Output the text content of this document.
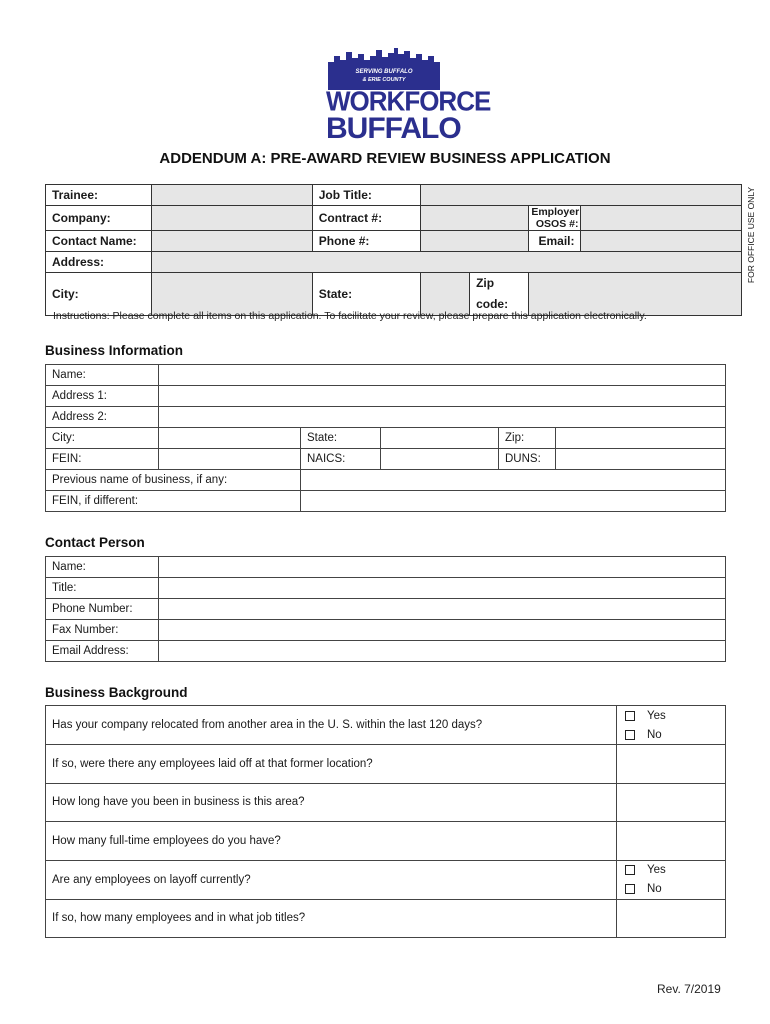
SERVING BUFFALO
& ERIE COUNTY
WORKFORCE
BUFFALO
ADDENDUM A: PRE-AWARD REVIEW BUSINESS APPLICATION
Trainee:		Job Title:			
Company:		Contract #:		Employer OSOS #:	
Contact Name:		Phone #:		Email:	
Address:					
City:		State:	Zip code:		

FOR OFFICE USE ONLY
Instructions: Please complete all items on this application. To facilitate your review, please prepare this application electronically.
Business Information
Name:					
Address 1:					
Address 2:					
City:		State:		Zip:	
FEIN:		NAICS:		DUNS:	
Previous name of business, if any:					
FEIN, if different:					
Contact Person
Name:	
Title:	
Phone Number:	
Fax Number:	
Email Address:	
Business Background
Has your company relocated from another area in the U. S. within the last 120 days?	Yes
No

If so, were there any employees laid off at that former location?	
How long have you been in business is this area?	
How many full-time employees do you have?	
Are any employees on layoff currently?	Yes
No

If so, how many employees and in what job titles?	
Rev. 7/2019
